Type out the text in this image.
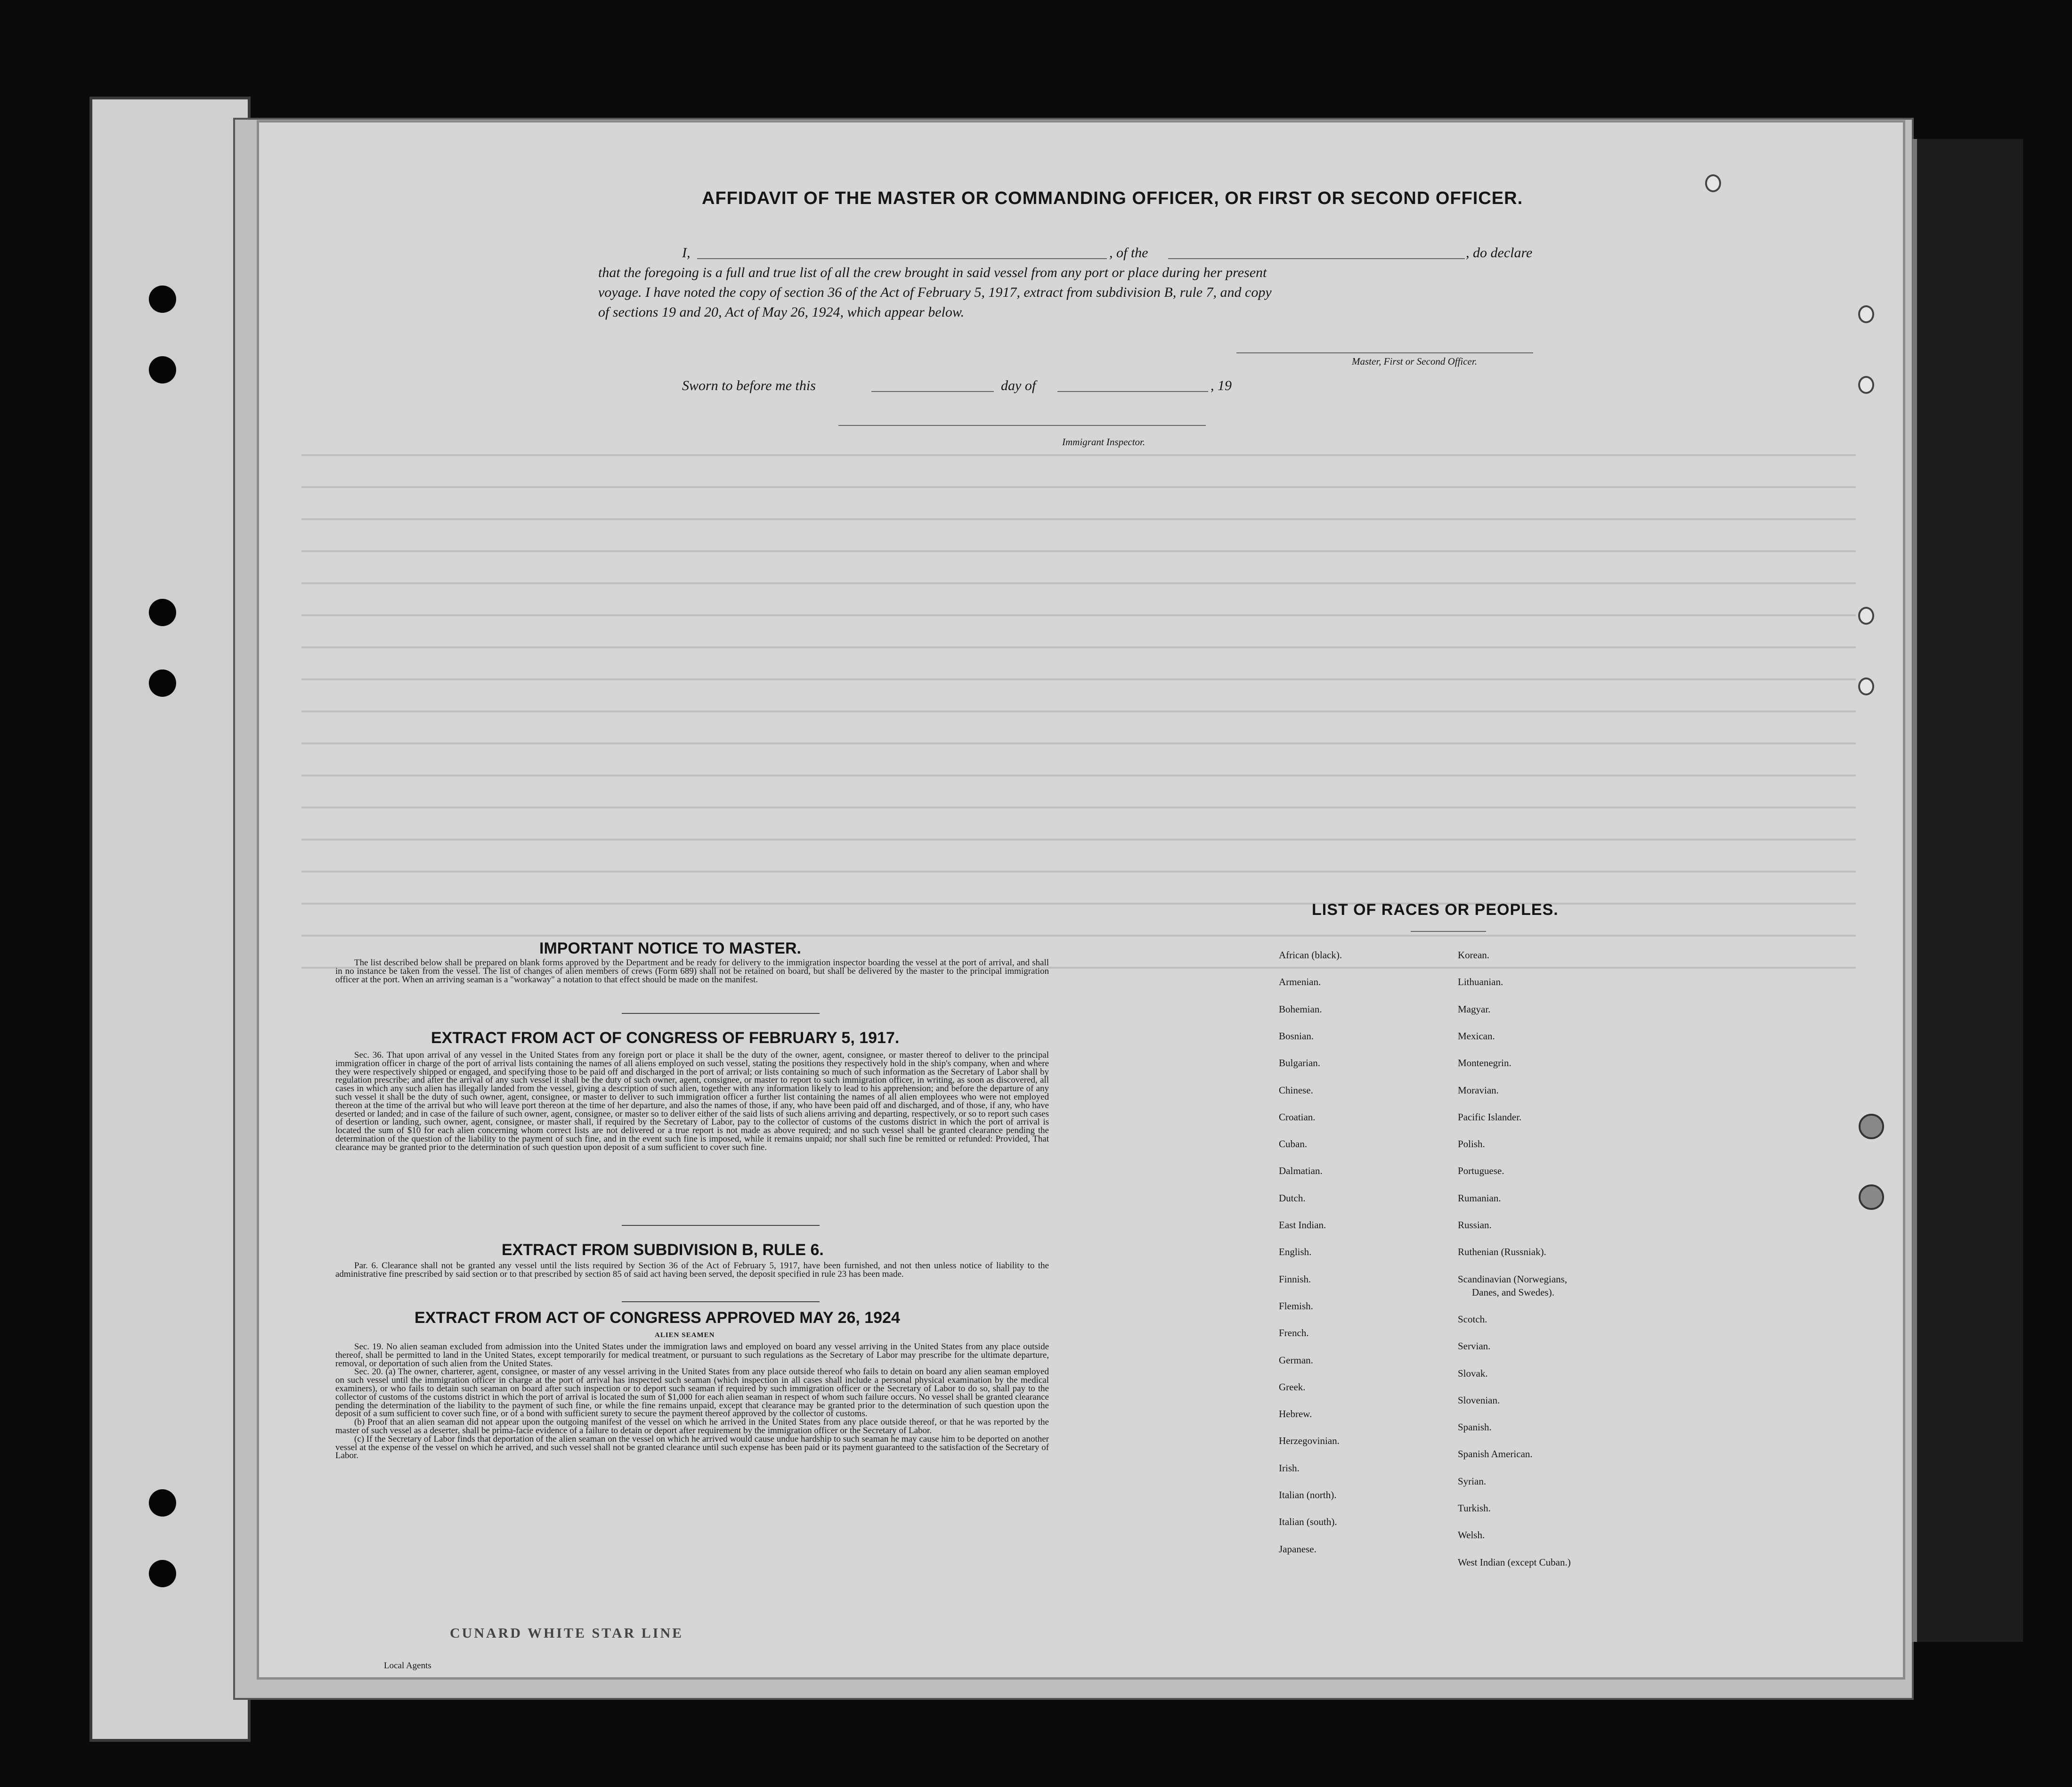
AFFIDAVIT OF THE MASTER OR COMMANDING OFFICER, OR FIRST OR SECOND OFFICER.
I,	, of the	, do declare
that the foregoing is a full and true list of all the crew brought in said vessel from any port or place during her present
voyage. I have noted the copy of section 36 of the Act of February 5, 1917, extract from subdivision B, rule 7, and copy
of sections 19 and 20, Act of May 26, 1924, which appear below.
Master, First or Second Officer.
Sworn to before me this	day of	, 19
Immigrant Inspector.
IMPORTANT NOTICE TO MASTER.

The list described below shall be prepared on blank forms approved by the Department and be ready for delivery to the immigration inspector boarding the vessel at the port of arrival, and shall in no instance be taken from the vessel. The list of changes of alien members of crews (Form 689) shall not be retained on board, but shall be delivered by the master to the principal immigration officer at the port. When an arriving seaman is a "workaway" a notation to that effect should be made on the manifest.

EXTRACT FROM ACT OF CONGRESS OF FEBRUARY 5, 1917.

Sec. 36. That upon arrival of any vessel in the United States from any foreign port or place it shall be the duty of the owner, agent, consignee, or master thereof to deliver to the principal immigration officer in charge of the port of arrival lists containing the names of all aliens employed on such vessel, stating the positions they respectively hold in the ship's company, when and where they were respectively shipped or engaged, and specifying those to be paid off and discharged in the port of arrival; or lists containing so much of such information as the Secretary of Labor shall by regulation prescribe; and after the arrival of any such vessel it shall be the duty of such owner, agent, consignee, or master to report to such immigration officer, in writing, as soon as discovered, all cases in which any such alien has illegally landed from the vessel, giving a description of such alien, together with any information likely to lead to his apprehension; and before the departure of any such vessel it shall be the duty of such owner, agent, consignee, or master to deliver to such immigration officer a further list containing the names of all alien employees who were not employed thereon at the time of the arrival but who will leave port thereon at the time of her departure, and also the names of those, if any, who have been paid off and discharged, and of those, if any, who have deserted or landed; and in case of the failure of such owner, agent, consignee, or master so to deliver either of the said lists of such aliens arriving and departing, respectively, or so to report such cases of desertion or landing, such owner, agent, consignee, or master shall, if required by the Secretary of Labor, pay to the collector of customs of the customs district in which the port of arrival is located the sum of $10 for each alien concerning whom correct lists are not delivered or a true report is not made as above required; and no such vessel shall be granted clearance pending the determination of the question of the liability to the payment of such fine, and in the event such fine is imposed, while it remains unpaid; nor shall such fine be remitted or refunded: Provided, That clearance may be granted prior to the determination of such question upon deposit of a sum sufficient to cover such fine.

EXTRACT FROM SUBDIVISION B, RULE 6.

Par. 6. Clearance shall not be granted any vessel until the lists required by Section 36 of the Act of February 5, 1917, have been furnished, and not then unless notice of liability to the administrative fine prescribed by said section or to that prescribed by section 85 of said act having been served, the deposit specified in rule 23 has been made.

EXTRACT FROM ACT OF CONGRESS APPROVED MAY 26, 1924
ALIEN SEAMEN

Sec. 19. No alien seaman excluded from admission into the United States under the immigration laws and employed on board any vessel arriving in the United States from any place outside thereof, shall be permitted to land in the United States, except temporarily for medical treatment, or pursuant to such regulations as the Secretary of Labor may prescribe for the ultimate departure, removal, or deportation of such alien from the United States.
Sec. 20. (a) The owner, charterer, agent, consignee, or master of any vessel arriving in the United States from any place outside thereof who fails to detain on board any alien seaman employed on such vessel until the immigration officer in charge at the port of arrival has inspected such seaman (which inspection in all cases shall include a personal physical examination by the medical examiners), or who fails to detain such seaman on board after such inspection or to deport such seaman if required by such immigration officer or the Secretary of Labor to do so, shall pay to the collector of customs of the customs district in which the port of arrival is located the sum of $1,000 for each alien seaman in respect of whom such failure occurs. No vessel shall be granted clearance pending the determination of the liability to the payment of such fine, or while the fine remains unpaid, except that clearance may be granted prior to the determination of such question upon the deposit of a sum sufficient to cover such fine, or of a bond with sufficient surety to secure the payment thereof approved by the collector of customs.
(b) Proof that an alien seaman did not appear upon the outgoing manifest of the vessel on which he arrived in the United States from any place outside thereof, or that he was reported by the master of such vessel as a deserter, shall be prima-facie evidence of a failure to detain or deport after requirement by the immigration officer or the Secretary of Labor.
(c) If the Secretary of Labor finds that deportation of the alien seaman on the vessel on which he arrived would cause undue hardship to such seaman he may cause him to be deported on another vessel at the expense of the vessel on which he arrived, and such vessel shall not be granted clearance until such expense has been paid or its payment guaranteed to the satisfaction of the Secretary of Labor.

LIST OF RACES OR PEOPLES.
African (black).
Armenian.
Bohemian.
Bosnian.
Bulgarian.
Chinese.
Croatian.
Cuban.
Dalmatian.
Dutch.
East Indian.
English.
Finnish.
Flemish.
French.
German.
Greek.
Hebrew.
Herzegovinian.
Irish.
Italian (north).
Italian (south).
Japanese.
Korean.
Lithuanian.
Magyar.
Mexican.
Montenegrin.
Moravian.
Pacific Islander.
Polish.
Portuguese.
Rumanian.
Russian.
Ruthenian (Russniak).
Scandinavian (Norwegians,
Danes, and Swedes).
Scotch.
Servian.
Slovak.
Slovenian.
Spanish.
Spanish American.
Syrian.
Turkish.
Welsh.
West Indian (except Cuban.)
CUNARD WHITE STAR LINE
Local Agents
